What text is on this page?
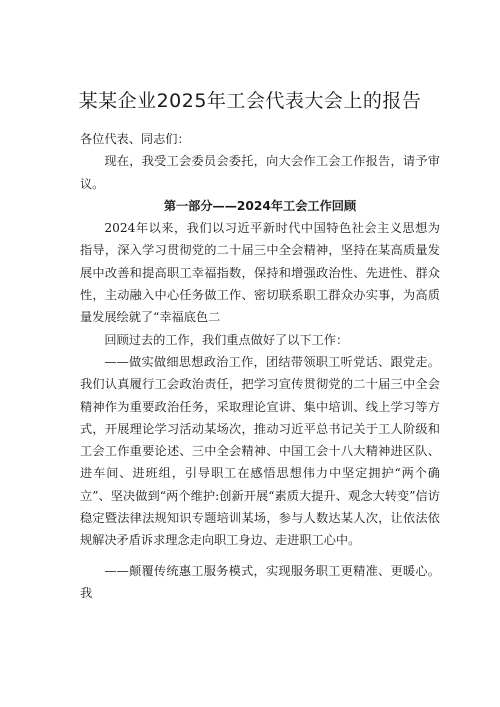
某某企业2025年工会代表大会上的报告

各位代表、同志们：

现在，我受工会委员会委托，向大会作工会工作报告，请予审议。

第一部分——2024年工会工作回顾

2024年以来，我们以习近平新时代中国特色社会主义思想为指导，深入学习贯彻党的二十届三中全会精神，坚持在某高质量发展中改善和提高职工幸福指数，保持和增强政治性、先进性、群众性，主动融入中心任务做工作、密切联系职工群众办实事，为高质量发展绘就了“幸福底色二

回顾过去的工作，我们重点做好了以下工作：

——做实做细思想政治工作，团结带领职工听党话、跟党走。我们认真履行工会政治责任，把学习宣传贯彻党的二十届三中全会精神作为重要政治任务，采取理论宣讲、集中培训、线上学习等方式，开展理论学习活动某场次，推动习近平总书记关于工人阶级和工会工作重要论述、三中全会精神、中国工会十八大精神进区队、进车间、进班组，引导职工在感悟思想伟力中坚定拥护“两个确立”、坚决做到“两个维护:创新开展“素质大提升、观念大转变”信访稳定暨法律法规知识专题培训某场，参与人数达某人次，让依法依规解决矛盾诉求理念走向职工身边、走进职工心中。

——颠覆传统惠工服务模式，实现服务职工更精准、更暖心。我
